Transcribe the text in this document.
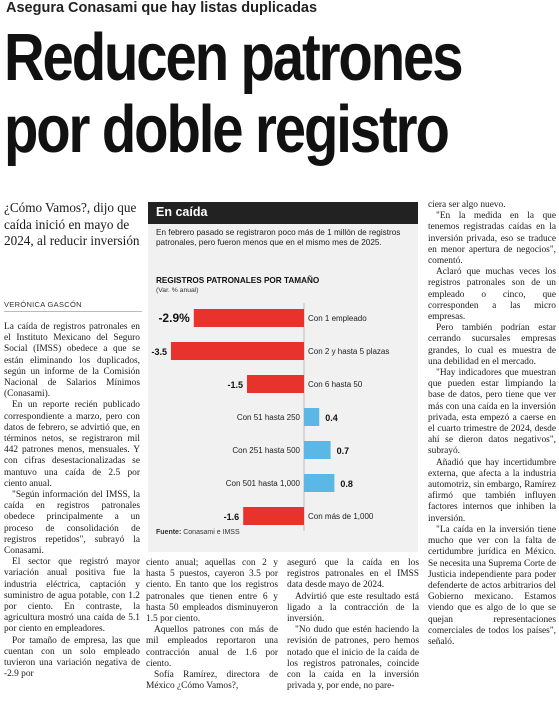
Asegura Conasami que hay listas duplicadas
Reducen patrones
por doble registro
¿Cómo Vamos?, dijo que caída inició en mayo de 2024, al reducir inversión
VERÓNICA GASCÓN

La caída de registros patronales en el Instituto Mexicano del Seguro Social (IMSS) obedece a que se están eliminando los duplicados, según un informe de la Comisión Nacional de Salarios Mínimos (Conasami).

En un reporte recién publicado correspondiente a marzo, pero con datos de febrero, se advirtió que, en términos netos, se registraron mil 442 patrones menos, mensuales. Y con cifras desestacionalizadas se mantuvo una caída de 2.5 por ciento anual.

"Según información del IMSS, la caída en registros patronales obedece principalmente a un proceso de consolidación de registros repetidos", subrayó la Conasami.

El sector que registró mayor variación anual positiva fue la industria eléctrica, captación y suministro de agua potable, con 1.2 por ciento. En contraste, la agricultura mostró una caída de 5.1 por ciento en empleadores.

Por tamaño de empresa, las que cuentan con un solo empleado tuvieron una variación negativa de -2.9 por

En caída
En febrero pasado se registraron poco más de 1 millón de registros patronales, pero fueron menos que en el mismo mes de 2025.
REGISTROS PATRONALES POR TAMAÑO
(Var. % anual)
-2.9%	Con 1 empleado
-3.5	Con 2 y hasta 5 plazas
-1.5	Con 6 hasta 50
0.4
Con 51 hasta 250
0.7
Con 251 hasta 500
0.8
Con 501 hasta 1,000
-1.6	Con más de 1,000
Fuente: Conasami e IMSS

ciento anual; aquellas con 2 y hasta 5 puestos, cayeron 3.5 por ciento. En tanto que los registros patronales que tienen entre 6 y hasta 50 empleados disminuyeron 1.5 por ciento.

Aquellos patrones con más de mil empleados reportaron una contracción anual de 1.6 por ciento.

Sofía Ramírez, directora de México ¿Cómo Vamos?,

aseguró que la caída en los registros patronales en el IMSS data desde mayo de 2024.

Advirtió que este resultado está ligado a la contracción de la inversión.

"No dudo que estén haciendo la revisión de patrones, pero hemos notado que el inicio de la caída de los registros patronales, coincide con la caída en la inversión privada y, por ende, no pare-

ciera ser algo nuevo.

"En la medida en la que tenemos registradas caídas en la inversión privada, eso se traduce en menor apertura de negocios", comentó.

Aclaró que muchas veces los registros patronales son de un empleado o cinco, que corresponden a las micro empresas.

Pero también podrían estar cerrando sucursales empresas grandes, lo cual es muestra de una debilidad en el mercado.

"Hay indicadores que muestran que pueden estar limpiando la base de datos, pero tiene que ver más con una caída en la inversión privada, esta empezó a caerse en el cuarto trimestre de 2024, desde ahí se dieron datos negativos", subrayó.

Añadió que hay incertidumbre externa, que afecta a la industria automotriz, sin embargo, Ramírez afirmó que también influyen factores internos que inhiben la inversión.

"La caída en la inversión tiene mucho que ver con la falta de certidumbre jurídica en México. Se necesita una Suprema Corte de Justicia independiente para poder defenderte de actos arbitrarios del Gobierno mexicano. Estamos viendo que es algo de lo que se quejan representaciones comerciales de todos los países", señaló.
